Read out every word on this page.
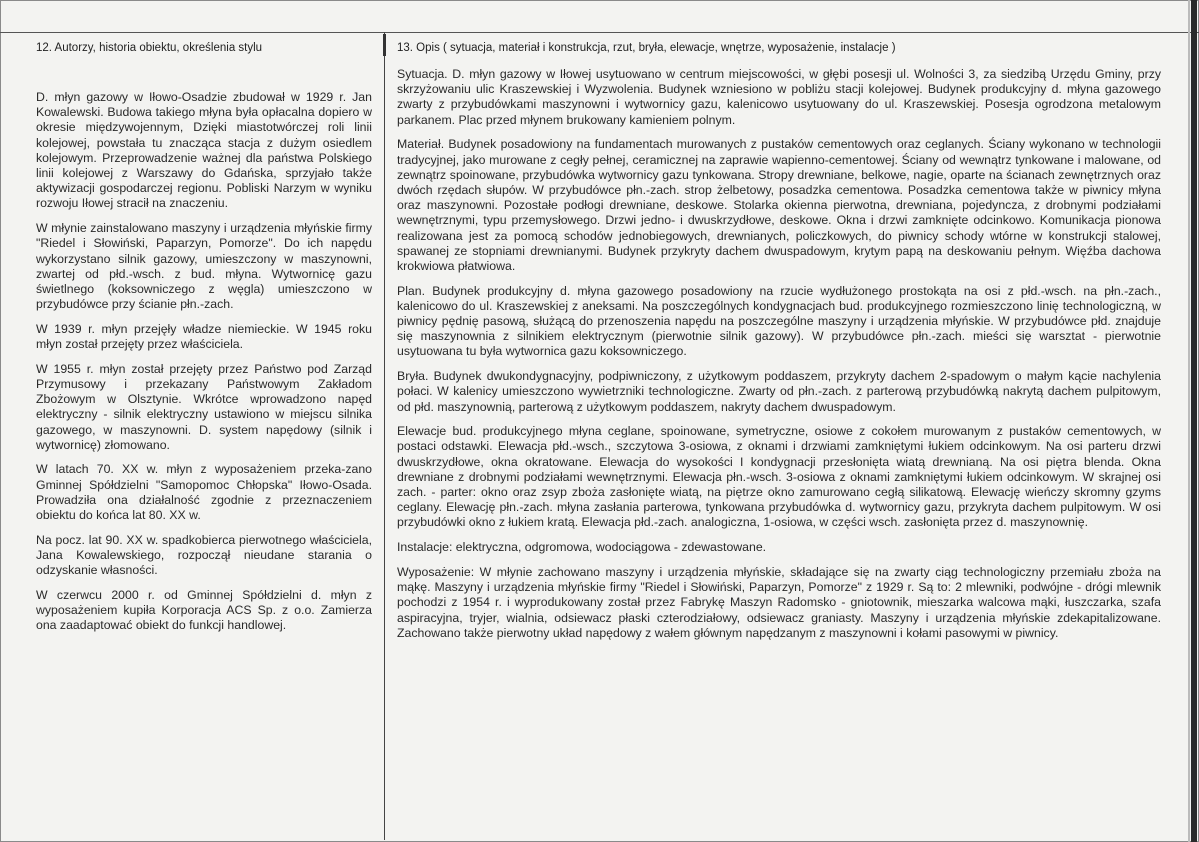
12. Autorzy, historia obiektu, określenia stylu

D. młyn gazowy w Iłowo-Osadzie zbudował w 1929 r. Jan Kowalewski. Budowa takiego młyna była opłacalna dopiero w okresie międzywojennym, Dzięki miastotwórczej roli linii kolejowej, powstała tu znacząca stacja z dużym osiedlem kolejowym. Przeprowadzenie ważnej dla państwa Polskiego linii kolejowej z Warszawy do Gdańska, sprzyjało także aktywizacji gospodarczej regionu. Pobliski Narzym w wyniku rozwoju Iłowej stracił na znaczeniu.

W młynie zainstalowano maszyny i urządzenia młyńskie firmy "Riedel i Słowiński, Paparzyn, Pomorze". Do ich napędu wykorzystano silnik gazowy, umieszczony w maszynowni, zwartej od płd.-wsch. z bud. młyna. Wytwornicę gazu świetlnego (koksowniczego z węgla) umieszczono w przybudówce przy ścianie płn.-zach.

W 1939 r. młyn przejęły władze niemieckie. W 1945 roku młyn został przejęty przez właściciela.

W 1955 r. młyn został przejęty przez Państwo pod Zarząd Przymusowy i przekazany Państwowym Zakładom Zbożowym w Olsztynie. Wkrótce wprowadzono napęd elektryczny - silnik elektryczny ustawiono w miejscu silnika gazowego, w maszynowni. D. system napędowy (silnik i wytwornicę) złomowano.

W latach 70. XX w. młyn z wyposażeniem przeka-zano Gminnej Spółdzielni "Samopomoc Chłopska" Iłowo-Osada. Prowadziła ona działalność zgodnie z przeznaczeniem obiektu do końca lat 80. XX w.

Na pocz. lat 90. XX w. spadkobierca pierwotnego właściciela, Jana Kowalewskiego, rozpoczął nieudane starania o odzyskanie własności.

W czerwcu 2000 r. od Gminnej Spółdzielni d. młyn z wyposażeniem kupiła Korporacja ACS Sp. z o.o. Zamierza ona zaadaptować obiekt do funkcji handlowej.

13. Opis ( sytuacja, materiał i konstrukcja, rzut, bryła, elewacje, wnętrze, wyposażenie, instalacje )

Sytuacja. D. młyn gazowy w Iłowej usytuowano w centrum miejscowości, w głębi posesji ul. Wolności 3, za siedzibą Urzędu Gminy, przy skrzyżowaniu ulic Kraszewskiej i Wyzwolenia. Budynek wzniesiono w pobliżu stacji kolejowej. Budynek produkcyjny d. młyna gazowego zwarty z przybudówkami maszynowni i wytwornicy gazu, kalenicowo usytuowany do ul. Kraszewskiej. Posesja ogrodzona metalowym parkanem. Plac przed młynem brukowany kamieniem polnym.

Materiał. Budynek posadowiony na fundamentach murowanych z pustaków cementowych oraz ceglanych. Ściany wykonano w technologii tradycyjnej, jako murowane z cegły pełnej, ceramicznej na zaprawie wapienno-cementowej. Ściany od wewnątrz tynkowane i malowane, od zewnątrz spoinowane, przybudówka wytwornicy gazu tynkowana. Stropy drewniane, belkowe, nagie, oparte na ścianach zewnętrznych oraz dwóch rzędach słupów. W przybudówce płn.-zach. strop żelbetowy, posadzka cementowa. Posadzka cementowa także w piwnicy młyna oraz maszynowni. Pozostałe podłogi drewniane, deskowe. Stolarka okienna pierwotna, drewniana, pojedyncza, z drobnymi podziałami wewnętrznymi, typu przemysłowego. Drzwi jedno- i dwuskrzydłowe, deskowe. Okna i drzwi zamknięte odcinkowo. Komunikacja pionowa realizowana jest za pomocą schodów jednobiegowych, drewnianych, policzkowych, do piwnicy schody wtórne w konstrukcji stalowej, spawanej ze stopniami drewnianymi. Budynek przykryty dachem dwuspadowym, krytym papą na deskowaniu pełnym. Więźba dachowa krokwiowa płatwiowa.

Plan. Budynek produkcyjny d. młyna gazowego posadowiony na rzucie wydłużonego prostokąta na osi z płd.-wsch. na płn.-zach., kalenicowo do ul. Kraszewskiej z aneksami. Na poszczególnych kondygnacjach bud. produkcyjnego rozmieszczono linię technologiczną, w piwnicy pędnię pasową, służącą do przenoszenia napędu na poszczególne maszyny i urządzenia młyńskie. W przybudówce płd. znajduje się maszynownia z silnikiem elektrycznym (pierwotnie silnik gazowy). W przybudówce płn.-zach. mieści się warsztat - pierwotnie usytuowana tu była wytwornica gazu koksowniczego.

Bryła. Budynek dwukondygnacyjny, podpiwniczony, z użytkowym poddaszem, przykryty dachem 2-spadowym o małym kącie nachylenia połaci. W kalenicy umieszczono wywietrzniki technologiczne. Zwarty od płn.-zach. z parterową przybudówką nakrytą dachem pulpitowym, od płd. maszynownią, parterową z użytkowym poddaszem, nakryty dachem dwuspadowym.

Elewacje bud. produkcyjnego młyna ceglane, spoinowane, symetryczne, osiowe z cokołem murowanym z pustaków cementowych, w postaci odstawki. Elewacja płd.-wsch., szczytowa 3-osiowa, z oknami i drzwiami zamkniętymi łukiem odcinkowym. Na osi parteru drzwi dwuskrzydłowe, okna okratowane. Elewacja do wysokości I kondygnacji przesłonięta wiatą drewnianą. Na osi piętra blenda. Okna drewniane z drobnymi podziałami wewnętrznymi. Elewacja płn.-wsch. 3-osiowa z oknami zamkniętymi łukiem odcinkowym. W skrajnej osi zach. - parter: okno oraz zsyp zboża zasłonięte wiatą, na piętrze okno zamurowano cegłą silikatową. Elewację wieńczy skromny gzyms ceglany. Elewację płn.-zach. młyna zasłania parterowa, tynkowana przybudówka d. wytwornicy gazu, przykryta dachem pulpitowym. W osi przybudówki okno z łukiem kratą. Elewacja płd.-zach. analogiczna, 1-osiowa, w części wsch. zasłonięta przez d. maszynownię.

Instalacje: elektryczna, odgromowa, wodociągowa - zdewastowane.

Wyposażenie: W młynie zachowano maszyny i urządzenia młyńskie, składające się na zwarty ciąg technologiczny przemiału zboża na mąkę. Maszyny i urządzenia młyńskie firmy "Riedel i Słowiński, Paparzyn, Pomorze" z 1929 r. Są to: 2 mlewniki, podwójne - drógi mlewnik pochodzi z 1954 r. i wyprodukowany został przez Fabrykę Maszyn Radomsko - gniotownik, mieszarka walcowa mąki, łuszczarka, szafa aspiracyjna, tryjer, wialnia, odsiewacz płaski czterodziałowy, odsiewacz graniasty. Maszyny i urządzenia młyńskie zdekapitalizowane. Zachowano także pierwotny układ napędowy z wałem głównym napędzanym z maszynowni i kołami pasowymi w piwnicy.
